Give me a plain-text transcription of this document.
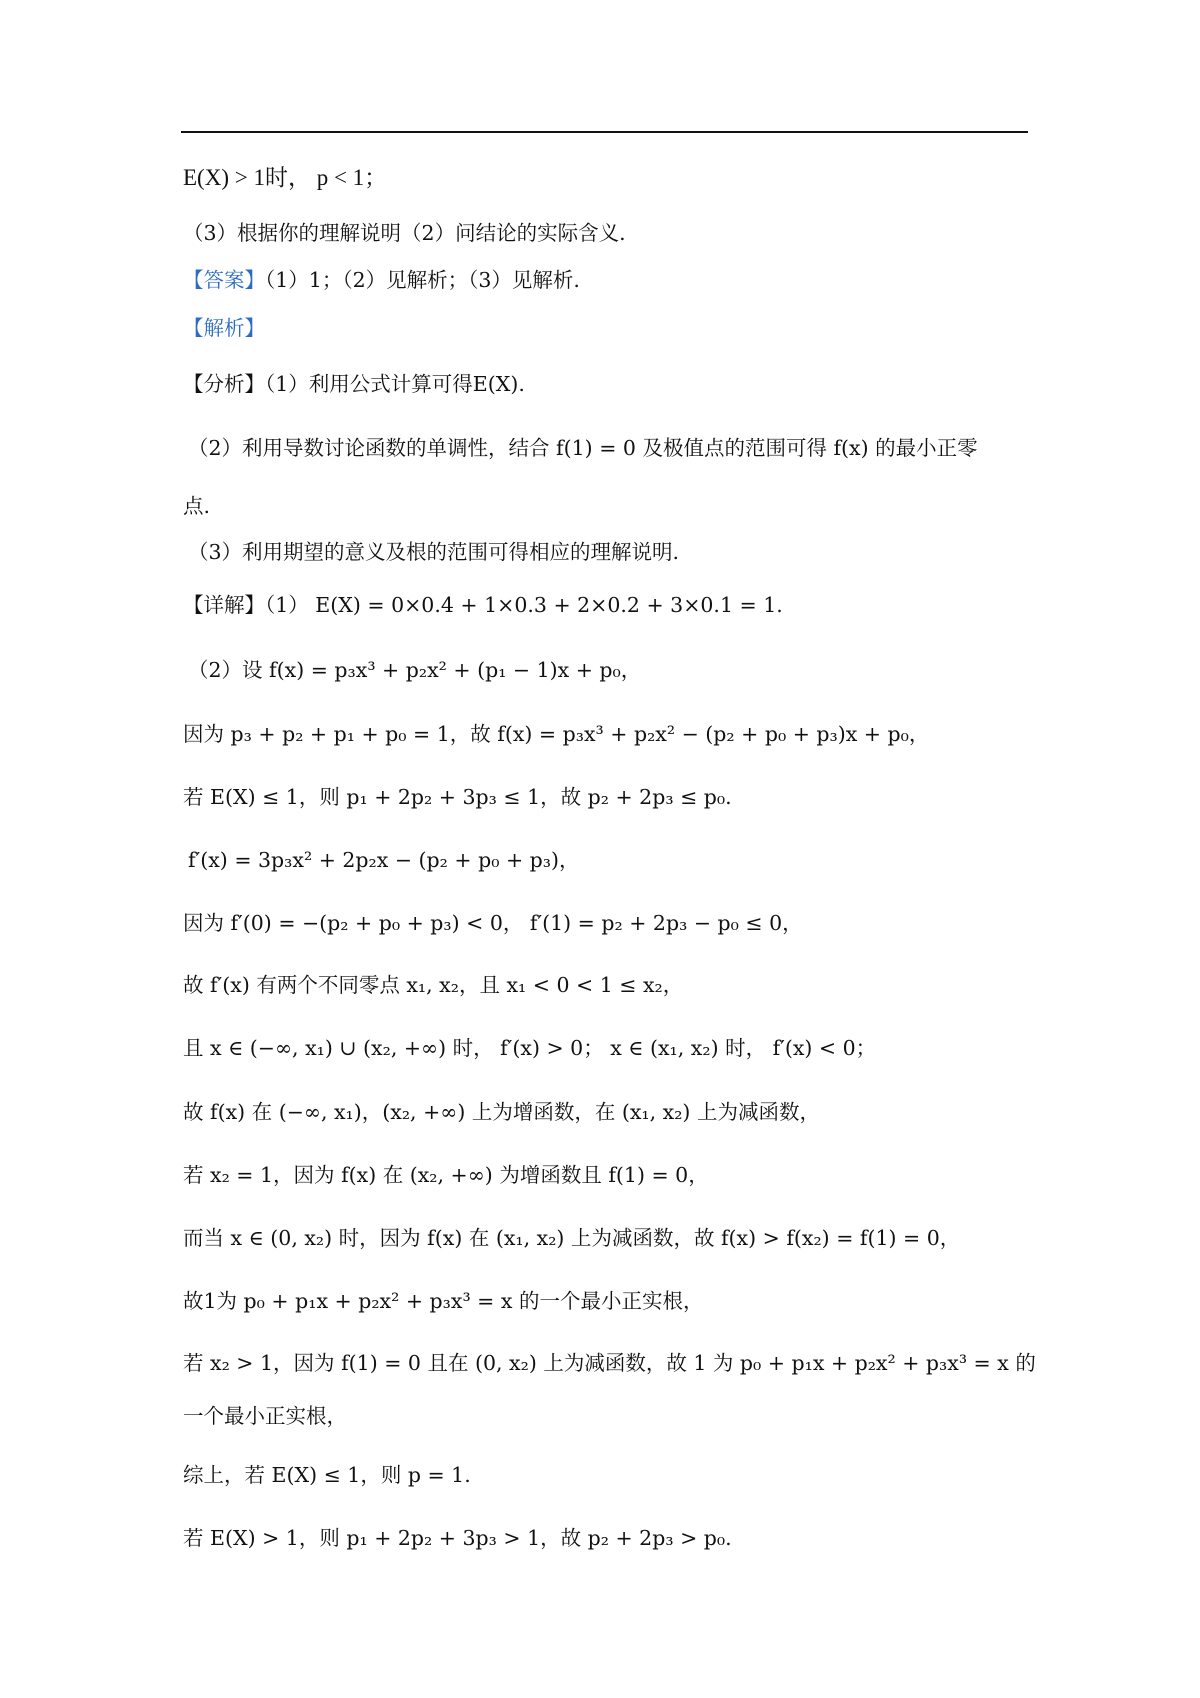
E(X) > 1时， p < 1；
（3）根据你的理解说明（2）问结论的实际含义.
【答案】（1）1；（2）见解析；（3）见解析.
【解析】
【分析】（1）利用公式计算可得E(X).
（2）利用导数讨论函数的单调性，结合 f(1) = 0 及极值点的范围可得 f(x) 的最小正零
点.
（3）利用期望的意义及根的范围可得相应的理解说明.
【详解】（1） E(X) = 0×0.4 + 1×0.3 + 2×0.2 + 3×0.1 = 1.
（2）设 f(x) = p₃x³ + p₂x² + (p₁ − 1)x + p₀，
因为 p₃ + p₂ + p₁ + p₀ = 1，故 f(x) = p₃x³ + p₂x² − (p₂ + p₀ + p₃)x + p₀，
若 E(X) ≤ 1，则 p₁ + 2p₂ + 3p₃ ≤ 1，故 p₂ + 2p₃ ≤ p₀.
f′(x) = 3p₃x² + 2p₂x − (p₂ + p₀ + p₃)，
因为 f′(0) = −(p₂ + p₀ + p₃) < 0， f′(1) = p₂ + 2p₃ − p₀ ≤ 0，
故 f′(x) 有两个不同零点 x₁, x₂，且 x₁ < 0 < 1 ≤ x₂，
且 x ∈ (−∞, x₁) ∪ (x₂, +∞) 时， f′(x) > 0； x ∈ (x₁, x₂) 时， f′(x) < 0；
故 f(x) 在 (−∞, x₁)，(x₂, +∞) 上为增函数，在 (x₁, x₂) 上为减函数，
若 x₂ = 1，因为 f(x) 在 (x₂, +∞) 为增函数且 f(1) = 0，
而当 x ∈ (0, x₂) 时，因为 f(x) 在 (x₁, x₂) 上为减函数，故 f(x) > f(x₂) = f(1) = 0，
故1为 p₀ + p₁x + p₂x² + p₃x³ = x 的一个最小正实根，
若 x₂ > 1，因为 f(1) = 0 且在 (0, x₂) 上为减函数，故 1 为 p₀ + p₁x + p₂x² + p₃x³ = x 的
一个最小正实根，
综上，若 E(X) ≤ 1，则 p = 1.
若 E(X) > 1，则 p₁ + 2p₂ + 3p₃ > 1，故 p₂ + 2p₃ > p₀.
